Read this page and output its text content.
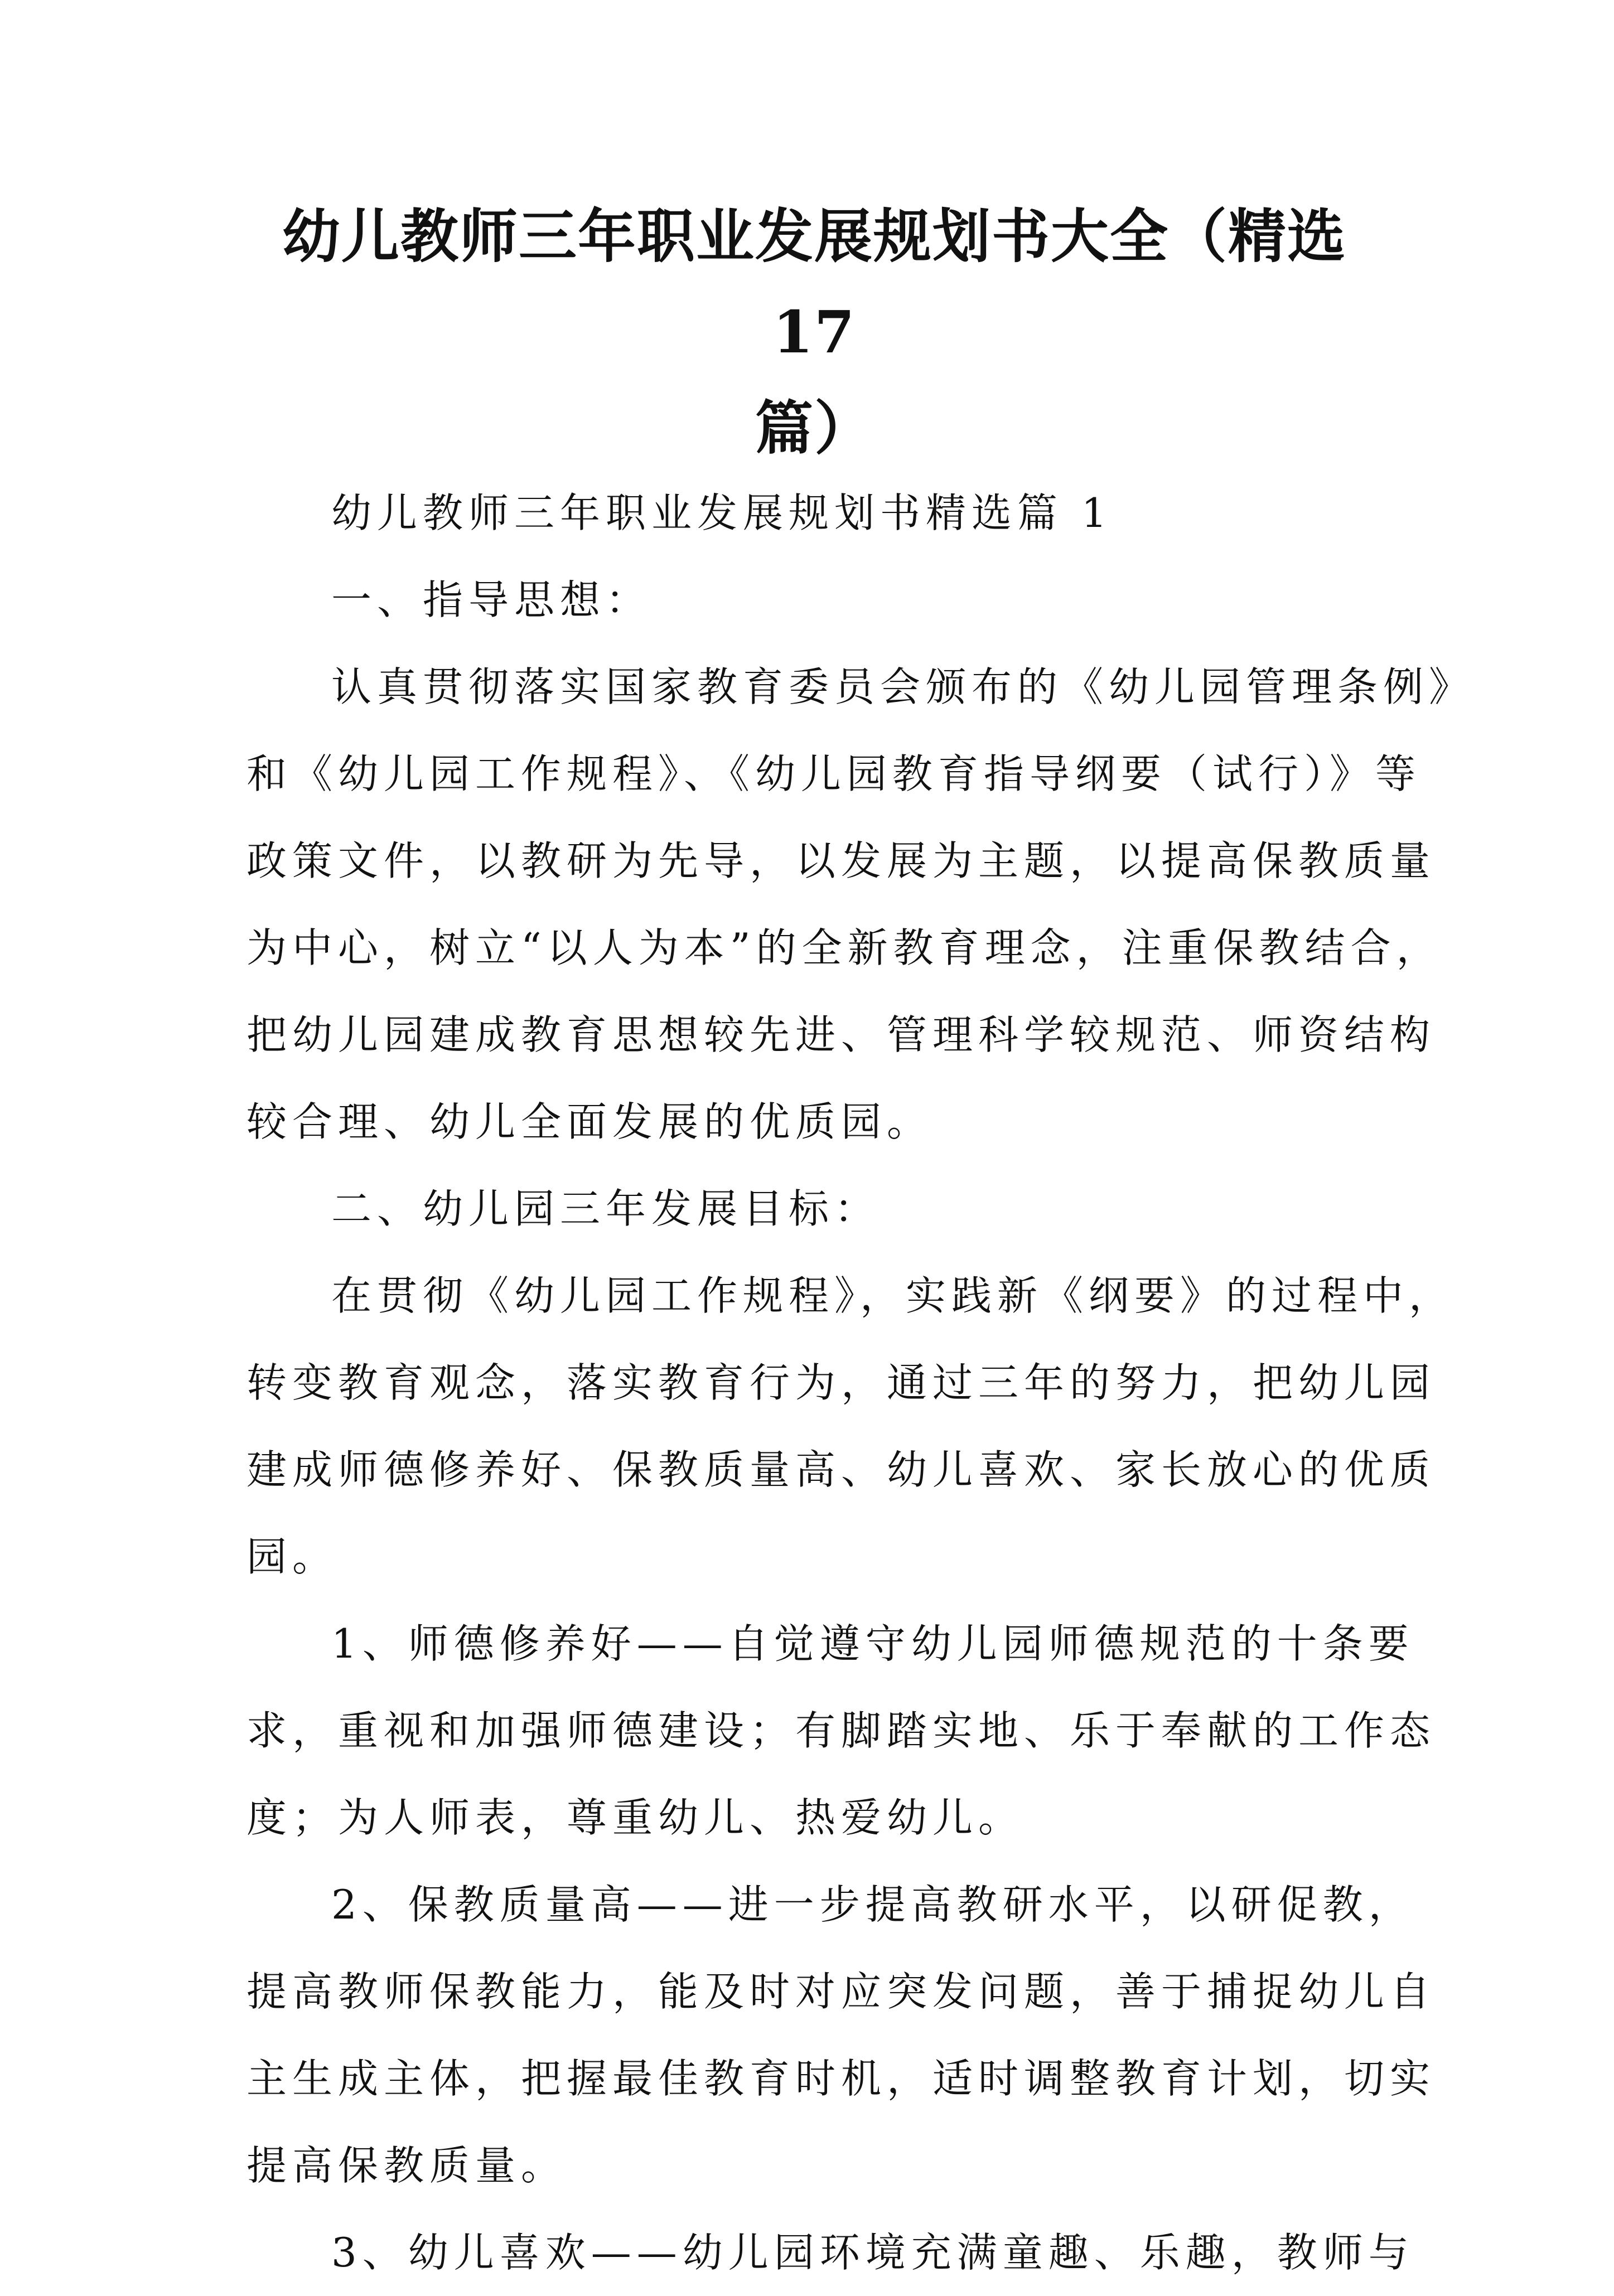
幼儿教师三年职业发展规划书大全（精选 17
篇）
幼儿教师三年职业发展规划书精选篇 1
一、指导思想：
认真贯彻落实国家教育委员会颁布的《幼儿园管理条例》
和《幼儿园工作规程》、《幼儿园教育指导纲要（试行）》等
政策文件，以教研为先导，以发展为主题，以提高保教质量
为中心，树立“以人为本”的全新教育理念，注重保教结合，
把幼儿园建成教育思想较先进、管理科学较规范、师资结构
较合理、幼儿全面发展的优质园。
二、幼儿园三年发展目标：
在贯彻《幼儿园工作规程》，实践新《纲要》的过程中，
转变教育观念，落实教育行为，通过三年的努力，把幼儿园
建成师德修养好、保教质量高、幼儿喜欢、家长放心的优质
园。
1、师德修养好——自觉遵守幼儿园师德规范的十条要
求，重视和加强师德建设；有脚踏实地、乐于奉献的工作态
度；为人师表，尊重幼儿、热爱幼儿。
2、保教质量高——进一步提高教研水平，以研促教，
提高教师保教能力，能及时对应突发问题，善于捕捉幼儿自
主生成主体，把握最佳教育时机，适时调整教育计划，切实
提高保教质量。
3、幼儿喜欢——幼儿园环境充满童趣、乐趣，教师与
